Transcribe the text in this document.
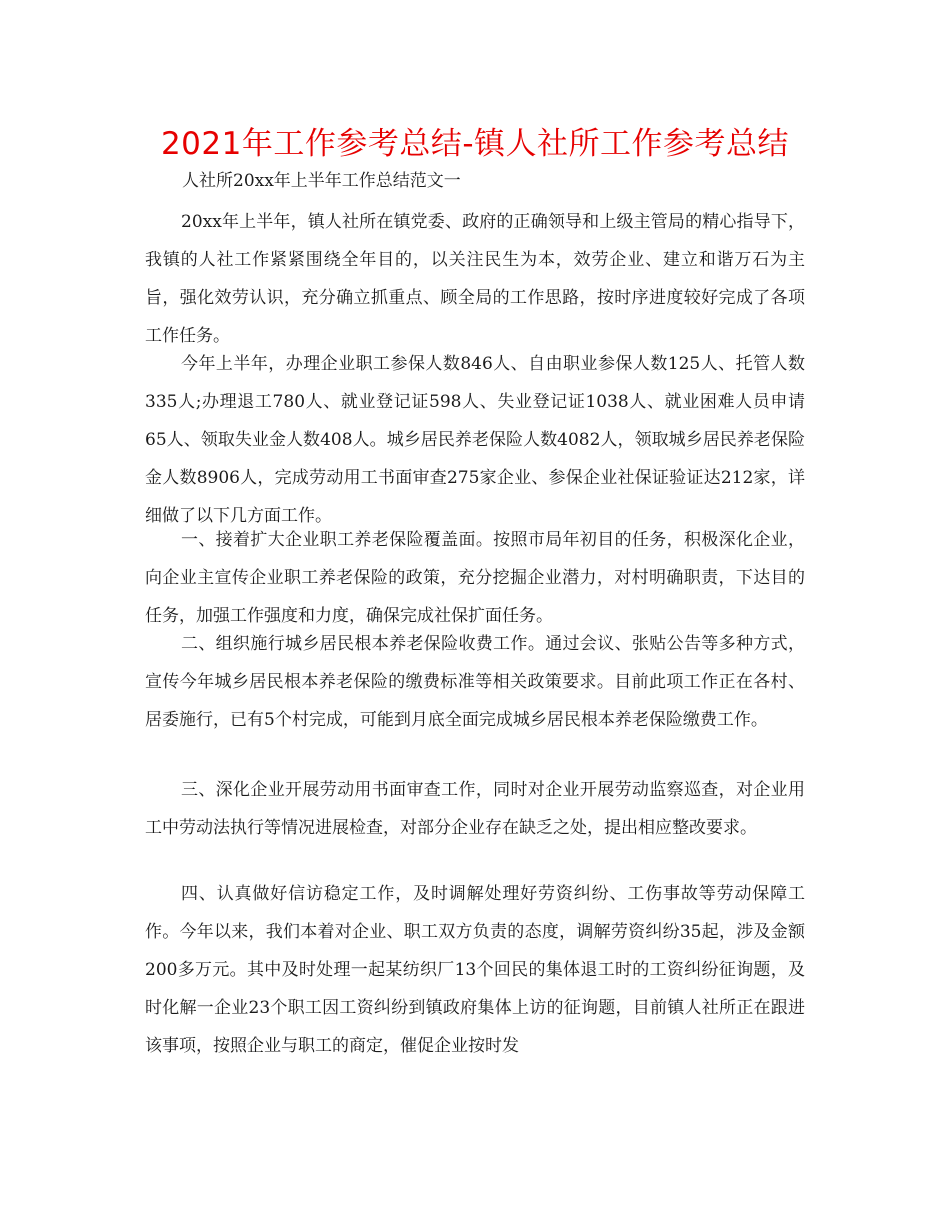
2021年工作参考总结-镇人社所工作参考总结
人社所20xx年上半年工作总结范文一

20xx年上半年，镇人社所在镇党委、政府的正确领导和上级主管局的精心指导下，我镇的人社工作紧紧围绕全年目的，以关注民生为本，效劳企业、建立和谐万石为主旨，强化效劳认识，充分确立抓重点、顾全局的工作思路，按时序进度较好完成了各项工作任务。

今年上半年，办理企业职工参保人数846人、自由职业参保人数125人、托管人数335人;办理退工780人、就业登记证598人、失业登记证1038人、就业困难人员申请65人、领取失业金人数408人。城乡居民养老保险人数4082人，领取城乡居民养老保险金人数8906人，完成劳动用工书面审查275家企业、参保企业社保证验证达212家，详细做了以下几方面工作。

一、接着扩大企业职工养老保险覆盖面。按照市局年初目的任务，积极深化企业，向企业主宣传企业职工养老保险的政策，充分挖掘企业潜力，对村明确职责，下达目的任务，加强工作强度和力度，确保完成社保扩面任务。

二、组织施行城乡居民根本养老保险收费工作。通过会议、张贴公告等多种方式，宣传今年城乡居民根本养老保险的缴费标准等相关政策要求。目前此项工作正在各村、居委施行，已有5个村完成，可能到月底全面完成城乡居民根本养老保险缴费工作。

三、深化企业开展劳动用书面审查工作，同时对企业开展劳动监察巡查，对企业用工中劳动法执行等情况进展检查，对部分企业存在缺乏之处，提出相应整改要求。

四、认真做好信访稳定工作，及时调解处理好劳资纠纷、工伤事故等劳动保障工作。今年以来，我们本着对企业、职工双方负责的态度，调解劳资纠纷35起，涉及金额200多万元。其中及时处理一起某纺织厂13个回民的集体退工时的工资纠纷征询题，及时化解一企业23个职工因工资纠纷到镇政府集体上访的征询题，目前镇人社所正在跟进该事项，按照企业与职工的商定，催促企业按时发
